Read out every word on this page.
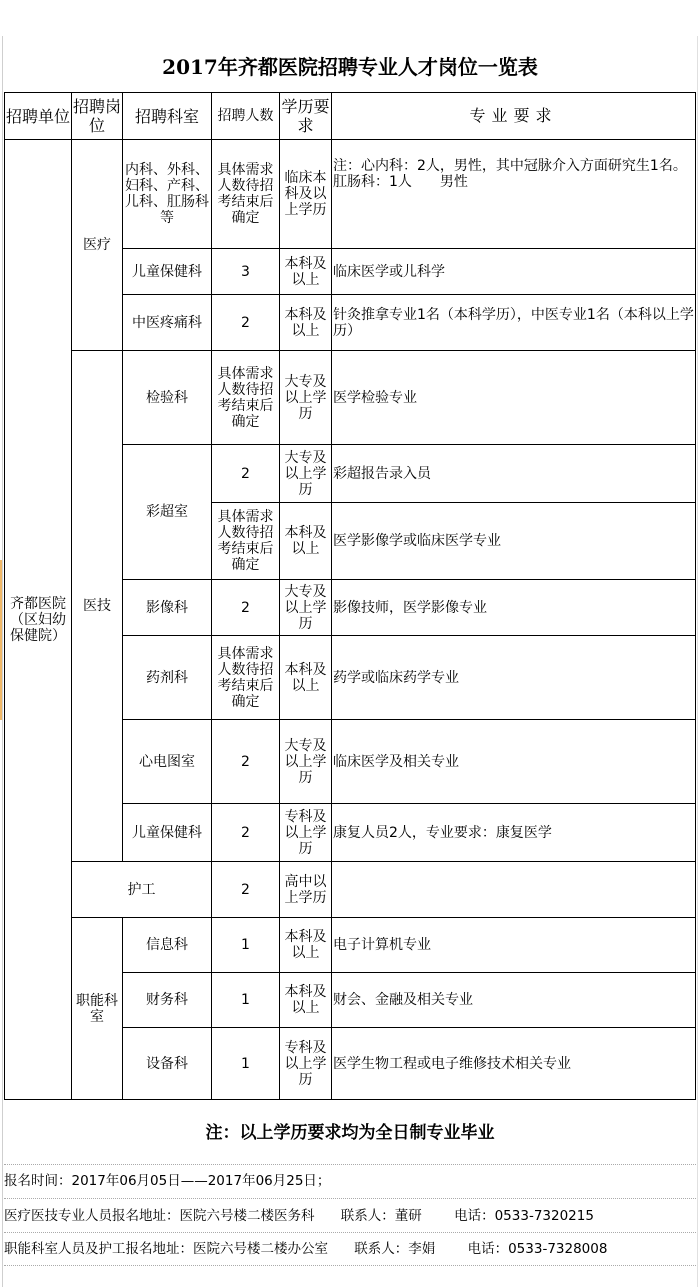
2017年齐都医院招聘专业人才岗位一览表
招聘单位	招聘岗位	招聘科室	招聘人数	学历要求	专业要求
齐都医院（区妇幼保健院）	医疗	内科、外科、妇科、产科、儿科、肛肠科等	具体需求人数待招考结束后确定	临床本科及以上学历	注：心内科：2人，男性，其中冠脉介入方面研究生1名。
肛肠科：1人　　男性
		儿童保健科	3	本科及以上	临床医学或儿科学
		中医疼痛科	2	本科及以上	针灸推拿专业1名（本科学历），中医专业1名（本科以上学历）
	医技	检验科	具体需求人数待招考结束后确定	大专及以上学历	医学检验专业
		彩超室	2	大专及以上学历	彩超报告录入员
			具体需求人数待招考结束后确定	本科及以上	医学影像学或临床医学专业
		影像科	2	大专及以上学历	影像技师，医学影像专业
		药剂科	具体需求人数待招考结束后确定	本科及以上	药学或临床药学专业
		心电图室	2	大专及以上学历	临床医学及相关专业
		儿童保健科	2	专科及以上学历	康复人员2人，专业要求：康复医学
	护工		2	高中以上学历	
	职能科室	信息科	1	本科及以上	电子计算机专业
		财务科	1	本科及以上	财会、金融及相关专业
		设备科	1	专科及以上学历	医学生物工程或电子维修技术相关专业
注：以上学历要求均为全日制专业毕业
报名时间：2017年06月05日——2017年06月25日；
医疗医技专业人员报名地址：医院六号楼二楼医务科 联系人：董研 电话：0533-7320215
职能科室人员及护工报名地址：医院六号楼二楼办公室 联系人：李娟 电话：0533-7328008
